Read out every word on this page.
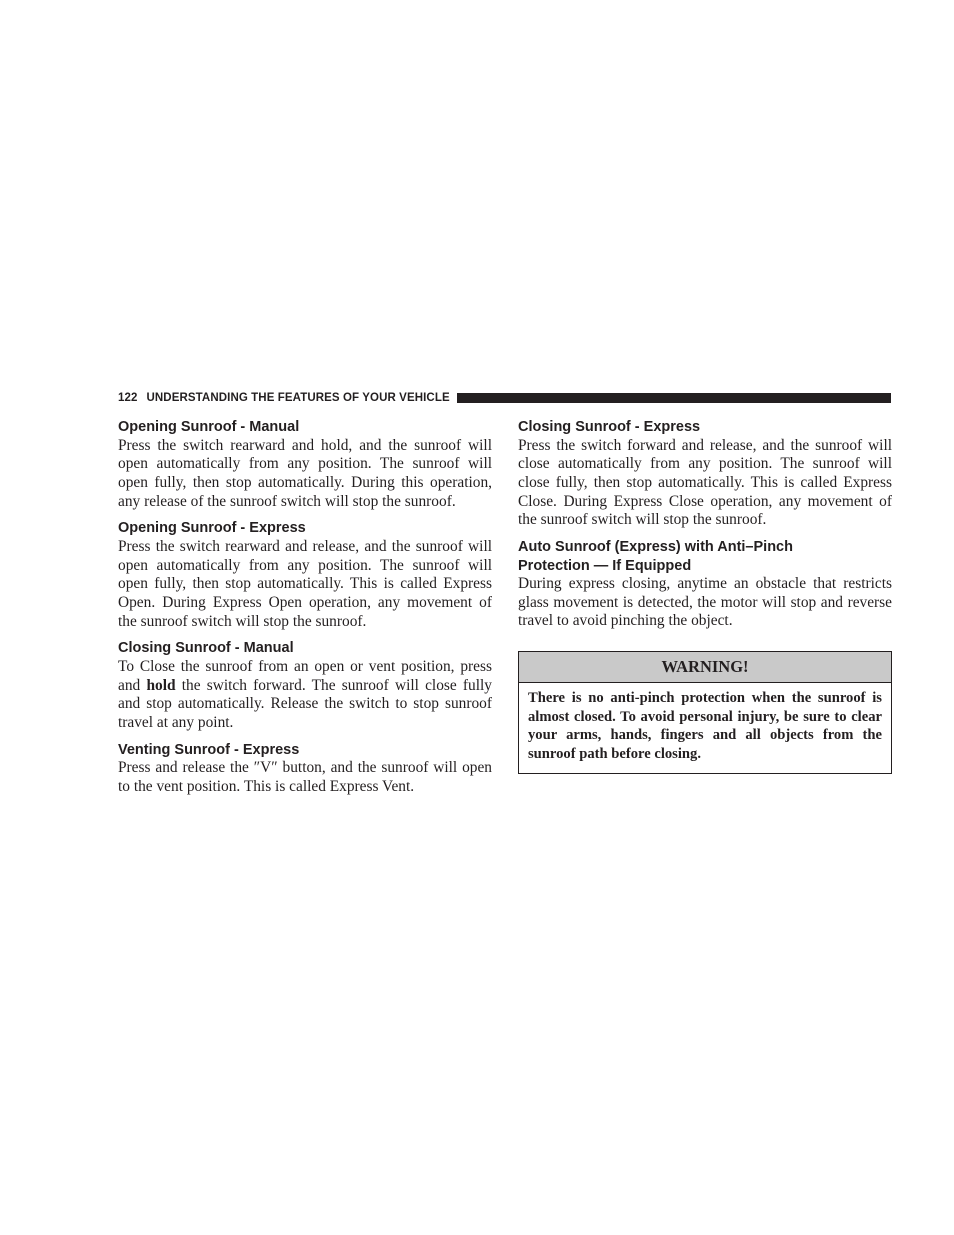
122 UNDERSTANDING THE FEATURES OF YOUR VEHICLE
Opening Sunroof - Manual

Press the switch rearward and hold, and the sunroof will open automatically from any position. The sunroof will open fully, then stop automatically. During this operation, any release of the sunroof switch will stop the sunroof.

Opening Sunroof - Express

Press the switch rearward and release, and the sunroof will open automatically from any position. The sunroof will open fully, then stop automatically. This is called Express Open. During Express Open operation, any movement of the sunroof switch will stop the sunroof.

Closing Sunroof - Manual

To Close the sunroof from an open or vent position, press and hold the switch forward. The sunroof will close fully and stop automatically. Release the switch to stop sunroof travel at any point.

Venting Sunroof - Express

Press and release the ″V″ button, and the sunroof will open to the vent position. This is called Express Vent.

Closing Sunroof - Express

Press the switch forward and release, and the sunroof will close automatically from any position. The sunroof will close fully, then stop automatically. This is called Express Close. During Express Close operation, any movement of the sunroof switch will stop the sunroof.

Auto Sunroof (Express) with Anti–Pinch
Protection — If Equipped

During express closing, anytime an obstacle that restricts glass movement is detected, the motor will stop and reverse travel to avoid pinching the object.

WARNING!
There is no anti-pinch protection when the sunroof is almost closed. To avoid personal injury, be sure to clear your arms, hands, fingers and all objects from the sunroof path before closing.
